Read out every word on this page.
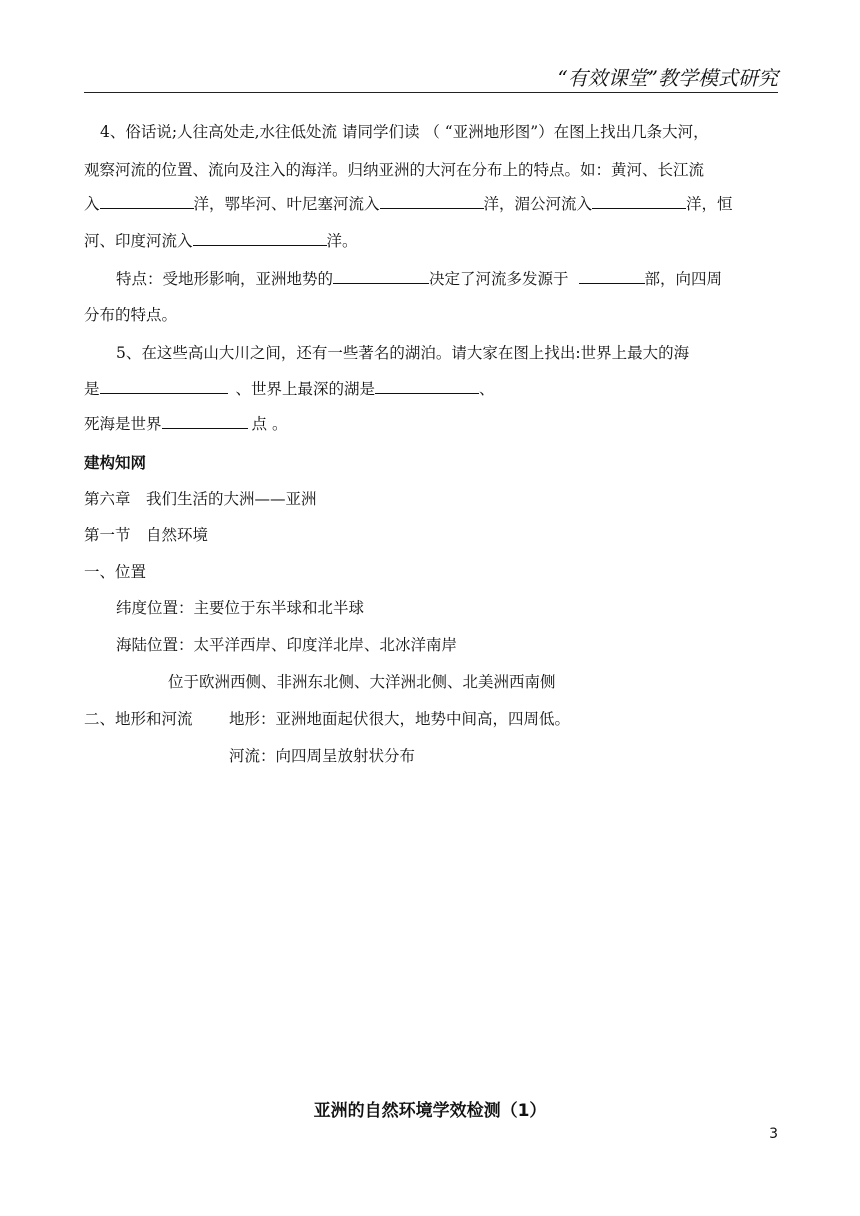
“有效课堂”教学模式研究
4、俗话说;人往高处走,水往低处流 请同学们读 （ “亚洲地形图”）在图上找出几条大河，
观察河流的位置、流向及注入的海洋。归纳亚洲的大河在分布上的特点。如：黄河、长江流
入	洋，鄂毕河、叶尼塞河流入	洋，湄公河流入	洋，恒
河、印度河流入	洋。
特点：受地形影响，亚洲地势的	决定了河流多发源于	部，向四周
分布的特点。
5、在这些高山大川之间，还有一些著名的湖泊。请大家在图上找出:世界上最大的海
是	、世界上最深的湖是	、
死海是世界	点 。
建构知网
第六章　我们生活的大洲——亚洲
第一节　自然环境
一、位置
纬度位置：主要位于东半球和北半球
海陆位置：太平洋西岸、印度洋北岸、北冰洋南岸
位于欧洲西侧、非洲东北侧、大洋洲北侧、北美洲西南侧
二、地形和河流 地形：亚洲地面起伏很大，地势中间高，四周低。
河流：向四周呈放射状分布
亚洲的自然环境学效检测（1）
3
